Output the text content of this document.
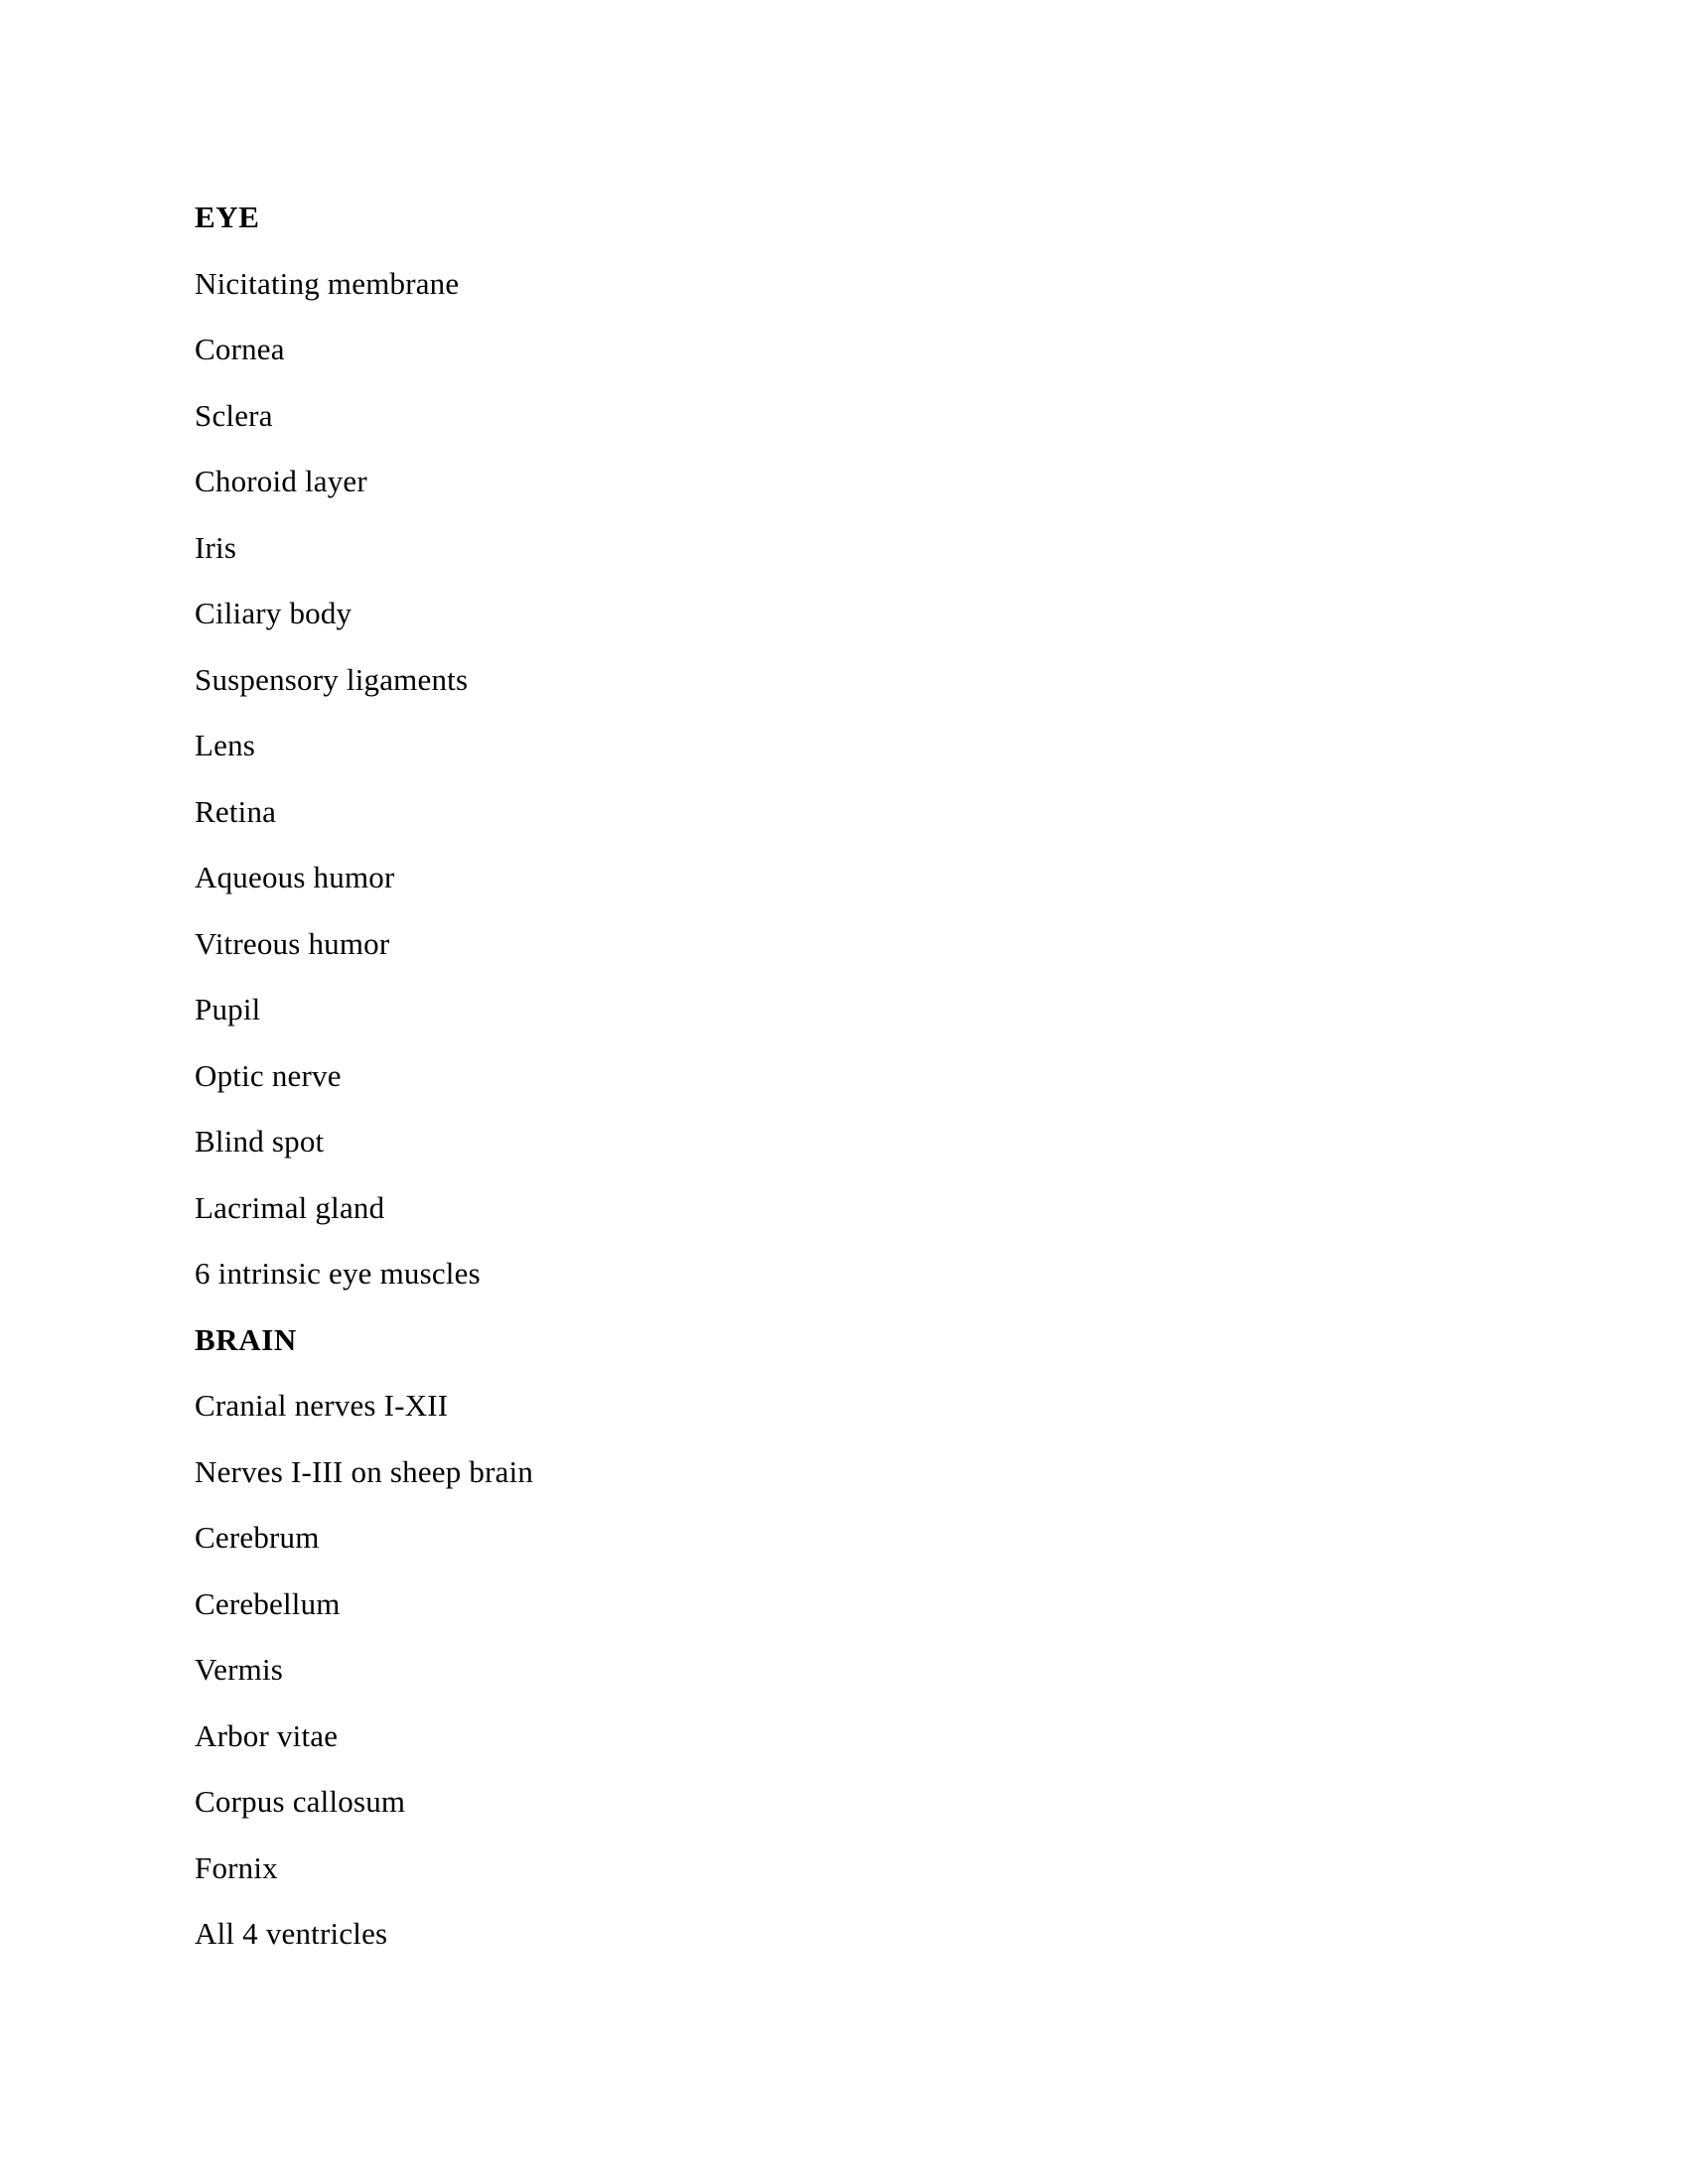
EYE
Nicitating membrane
Cornea
Sclera
Choroid layer
Iris
Ciliary body
Suspensory ligaments
Lens
Retina
Aqueous humor
Vitreous humor
Pupil
Optic nerve
Blind spot
Lacrimal gland
6 intrinsic eye muscles
BRAIN
Cranial nerves I-XII
Nerves I-III on sheep brain
Cerebrum
Cerebellum
Vermis
Arbor vitae
Corpus callosum
Fornix
All 4 ventricles
